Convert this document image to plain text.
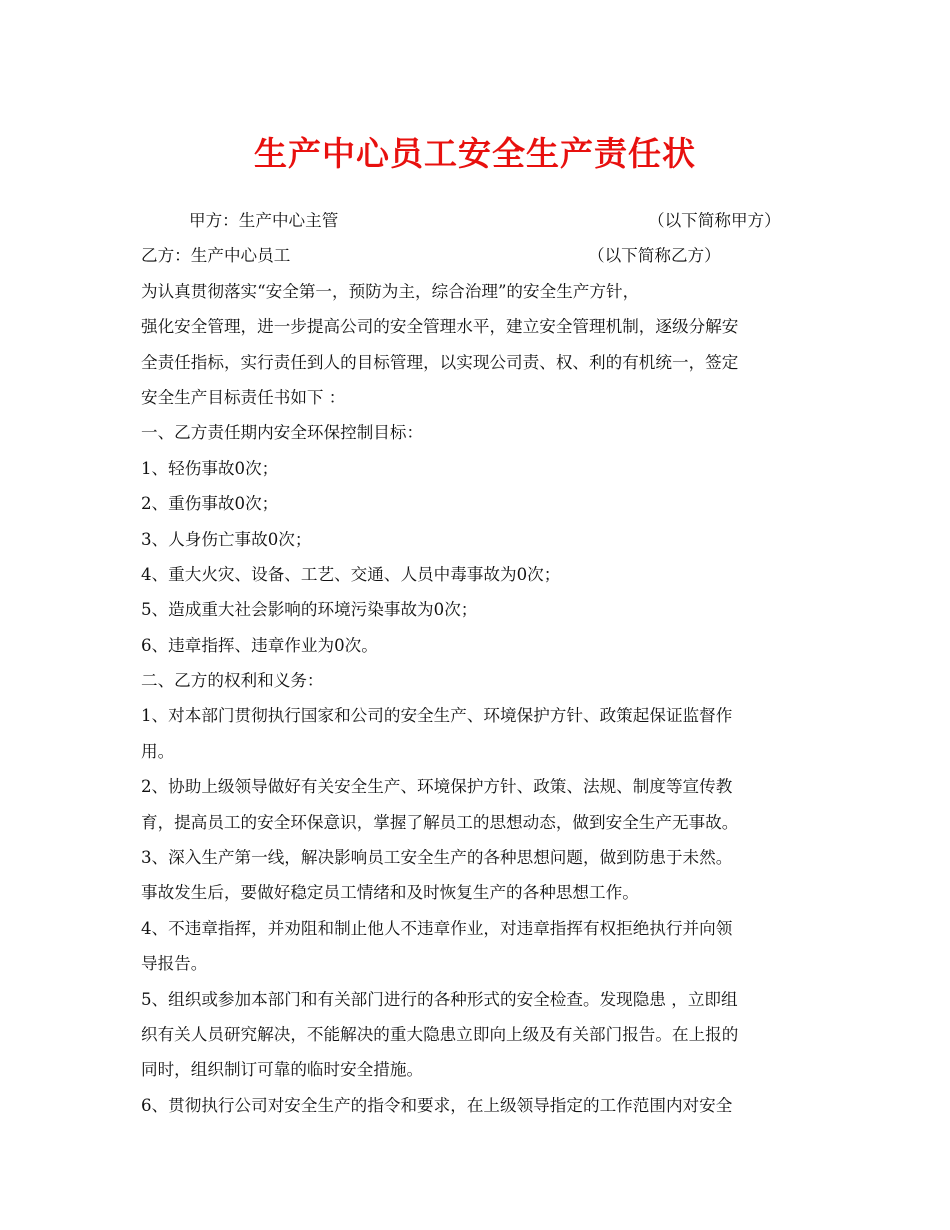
生产中心员工安全生产责任状
甲方：生产中心主管	（以下简称甲方）
乙方：生产中心员工	（以下简称乙方）
为认真贯彻落实“安全第一，预防为主，综合治理”的安全生产方针，
强化安全管理，进一步提高公司的安全管理水平，建立安全管理机制，逐级分解安
全责任指标，实行责任到人的目标管理，以实现公司责、权、利的有机统一，签定
安全生产目标责任书如下 ：
一、乙方责任期内安全环保控制目标：
1、轻伤事故0次；
2、重伤事故0次；
3、人身伤亡事故0次；
4、重大火灾、设备、工艺、交通、人员中毒事故为0次；
5、造成重大社会影响的环境污染事故为0次；
6、违章指挥、违章作业为0次。
二、乙方的权利和义务：
1、对本部门贯彻执行国家和公司的安全生产、环境保护方针、政策起保证监督作
用。
2、协助上级领导做好有关安全生产、环境保护方针、政策、法规、制度等宣传教
育，提高员工的安全环保意识，掌握了解员工的思想动态，做到安全生产无事故。
3、深入生产第一线，解决影响员工安全生产的各种思想问题，做到防患于未然。
事故发生后，要做好稳定员工情绪和及时恢复生产的各种思想工作。
4、不违章指挥，并劝阻和制止他人不违章作业，对违章指挥有权拒绝执行并向领
导报告。
5、组织或参加本部门和有关部门进行的各种形式的安全检查。发现隐患 ，立即组
织有关人员研究解决，不能解决的重大隐患立即向上级及有关部门报告。在上报的
同时，组织制订可靠的临时安全措施。
6、贯彻执行公司对安全生产的指令和要求，在上级领导指定的工作范围内对安全
